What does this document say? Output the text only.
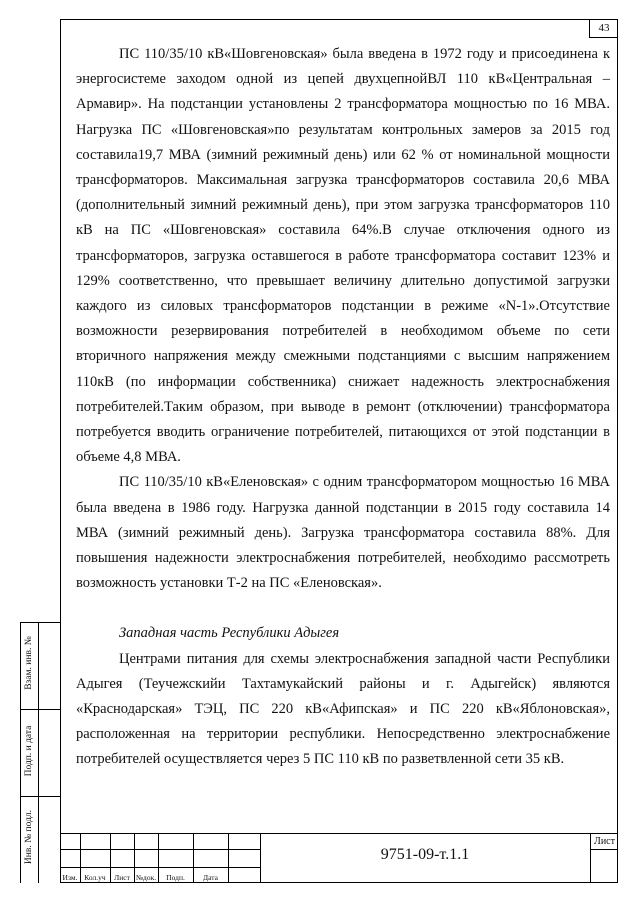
43

ПС 110/35/10 кВ«Шовгеновская» была введена в 1972 году и присоединена к энергосистеме заходом одной из цепей двухцепнойВЛ 110 кВ«Центральная – Армавир». На подстанции установлены 2 трансформатора мощностью по 16 МВА. Нагрузка ПС «Шовгеновская»по результатам контрольных замеров за 2015 год составила19,7 МВА (зимний режимный день) или 62 % от номинальной мощности трансформаторов. Максимальная загрузка трансформаторов составила 20,6 МВА (дополнительный зимний режимный день), при этом загрузка трансформаторов 110 кВ на ПС «Шовгеновская» составила 64%.В случае отключения одного из трансформаторов, загрузка оставшегося в работе трансформатора составит 123% и 129% соответственно, что превышает величину длительно допустимой загрузки каждого из силовых трансформаторов подстанции в режиме «N-1».Отсутствие возможности резервирования потребителей в необходимом объеме по сети вторичного напряжения между смежными подстанциями с высшим напряжением 110кВ (по информации собственника) снижает надежность электроснабжения потребителей.Таким образом, при выводе в ремонт (отключении) трансформатора потребуется вводить ограничение потребителей, питающихся от этой подстанции в объеме 4,8 МВА.

ПС 110/35/10 кВ«Еленовская» с одним трансформатором мощностью 16 МВА была введена в 1986 году. Нагрузка данной подстанции в 2015 году составила 14 МВА (зимний режимный день). Загрузка трансформатора составила 88%. Для повышения надежности электроснабжения потребителей, необходимо рассмотреть возможность установки Т-2 на ПС «Еленовская».

Западная часть Республики Адыгея

Центрами питания для схемы электроснабжения западной части Республики Адыгея (Теучежскийи Тахтамукайский районы и г. Адыгейск) являются «Краснодарская» ТЭЦ, ПС 220 кВ«Афипская» и ПС 220 кВ«Яблоновская», расположенная на территории республики. Непосредственно электроснабжение потребителей осуществляется через 5 ПС 110 кВ по разветвленной сети 35 кВ.

Взам. инв. №
Подп. и дата
Инв. № подл.
Изм. Кол.уч	Лист №док.	Подп.	Дата
9751-09-т.1.1
Лист
